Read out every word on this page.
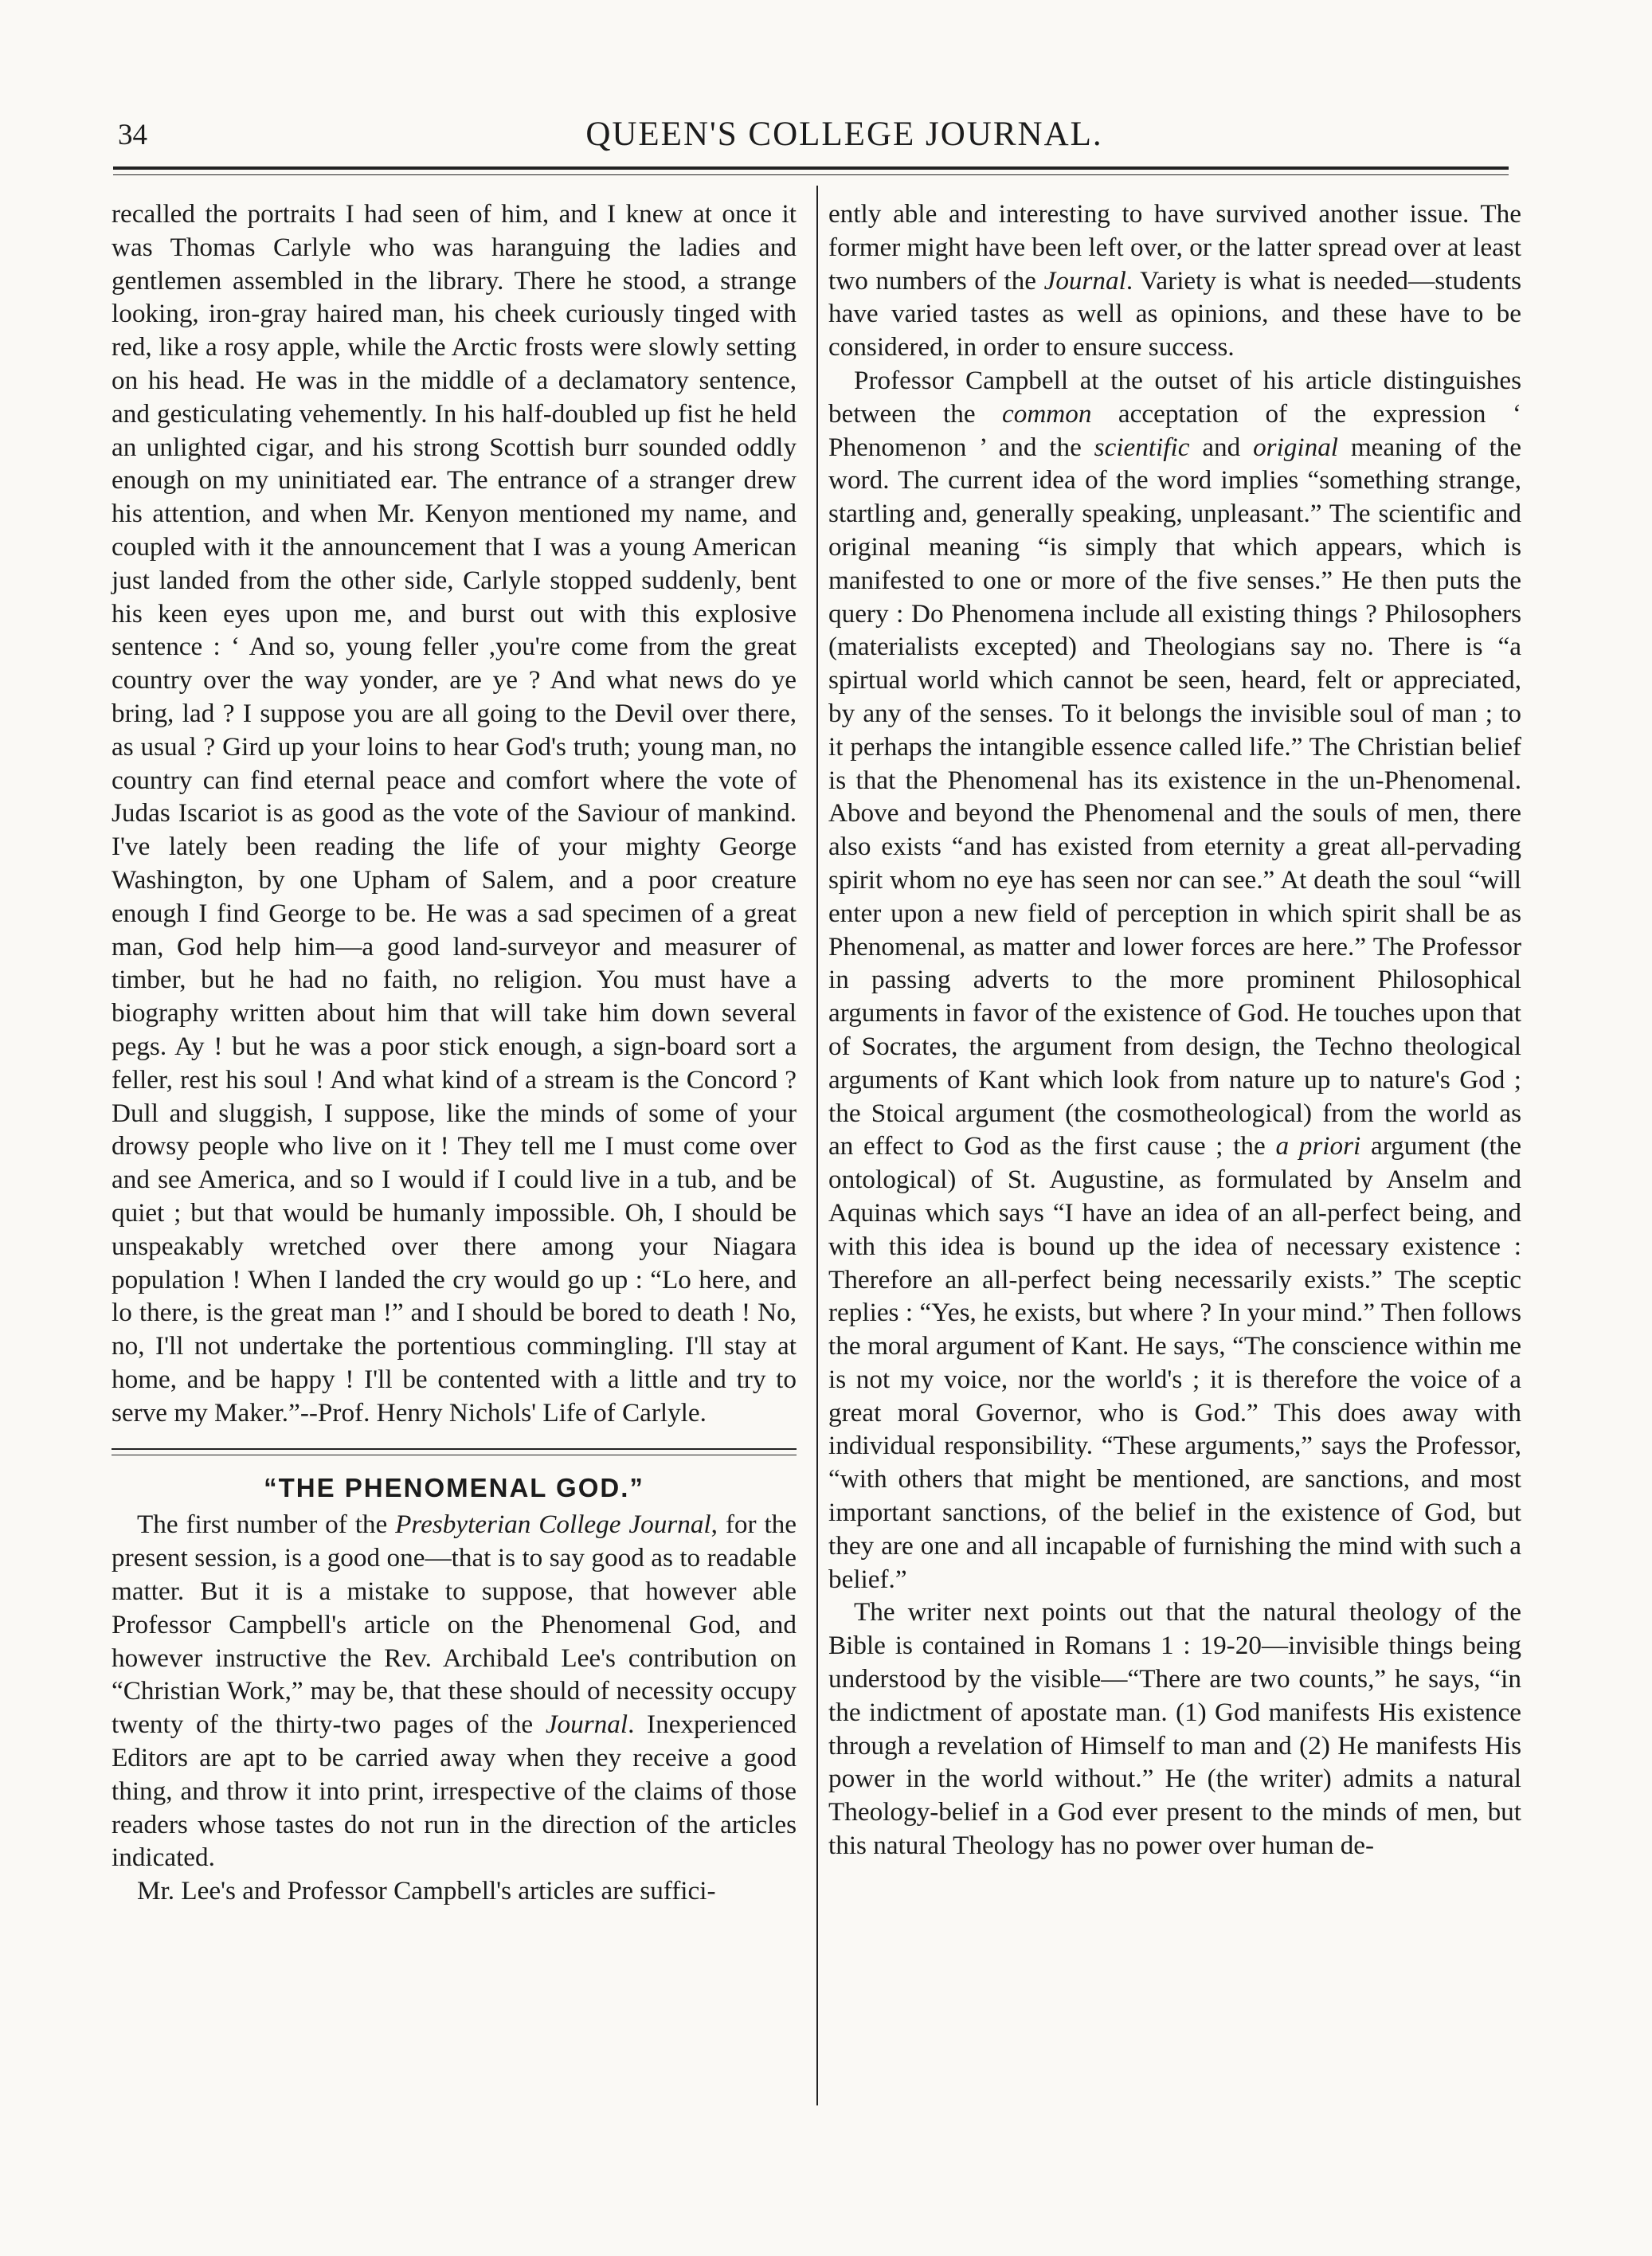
34	QUEEN'S COLLEGE JOURNAL.

recalled the portraits I had seen of him, and I knew at once it was Thomas Carlyle who was haranguing the ladies and gentlemen assembled in the library. There he stood, a strange looking, iron-gray haired man, his cheek curiously tinged with red, like a rosy apple, while the Arctic frosts were slowly setting on his head. He was in the middle of a declamatory sentence, and gesticulating vehemently. In his half-doubled up fist he held an unlighted cigar, and his strong Scottish burr sounded oddly enough on my uninitiated ear. The entrance of a stranger drew his attention, and when Mr. Kenyon mentioned my name, and coupled with it the announcement that I was a young American just landed from the other side, Carlyle stopped suddenly, bent his keen eyes upon me, and burst out with this explosive sentence : ‘ And so, young feller ,you're come from the great country over the way yonder, are ye ? And what news do ye bring, lad ? I suppose you are all going to the Devil over there, as usual ? Gird up your loins to hear God's truth; young man, no country can find eternal peace and comfort where the vote of Judas Iscariot is as good as the vote of the Saviour of mankind. I've lately been reading the life of your mighty George Washington, by one Upham of Salem, and a poor creature enough I find George to be. He was a sad specimen of a great man, God help him—a good land-surveyor and measurer of timber, but he had no faith, no religion. You must have a biography written about him that will take him down several pegs. Ay ! but he was a poor stick enough, a sign-board sort a feller, rest his soul ! And what kind of a stream is the Concord ? Dull and sluggish, I suppose, like the minds of some of your drowsy people who live on it ! They tell me I must come over and see America, and so I would if I could live in a tub, and be quiet ; but that would be humanly impossible. Oh, I should be unspeakably wretched over there among your Niagara population ! When I landed the cry would go up : “Lo here, and lo there, is the great man !” and I should be bored to death ! No, no, I'll not undertake the portentious commingling. I'll stay at home, and be happy ! I'll be contented with a little and try to serve my Maker.”--Prof. Henry Nichols' Life of Carlyle.

“THE PHENOMENAL GOD.”

The first number of the Presbyterian College Journal, for the present session, is a good one—that is to say good as to readable matter. But it is a mistake to suppose, that however able Professor Campbell's article on the Phenomenal God, and however instructive the Rev. Archibald Lee's contribution on “Christian Work,” may be, that these should of necessity occupy twenty of the thirty-two pages of the Journal. Inexperienced Editors are apt to be carried away when they receive a good thing, and throw it into print, irrespective of the claims of those readers whose tastes do not run in the direction of the articles indicated.

Mr. Lee's and Professor Campbell's articles are suffici-

ently able and interesting to have survived another issue. The former might have been left over, or the latter spread over at least two numbers of the Journal. Variety is what is needed—students have varied tastes as well as opinions, and these have to be considered, in order to ensure success.

Professor Campbell at the outset of his article distinguishes between the common acceptation of the expression ‘ Phenomenon ’ and the scientific and original meaning of the word. The current idea of the word implies “something strange, startling and, generally speaking, unpleasant.” The scientific and original meaning “is simply that which appears, which is manifested to one or more of the five senses.” He then puts the query : Do Phenomena include all existing things ? Philosophers (materialists excepted) and Theologians say no. There is “a spirtual world which cannot be seen, heard, felt or appreciated, by any of the senses. To it belongs the invisible soul of man ; to it perhaps the intangible essence called life.” The Christian belief is that the Phenomenal has its existence in the un-Phenomenal. Above and beyond the Phenomenal and the souls of men, there also exists “and has existed from eternity a great all-pervading spirit whom no eye has seen nor can see.” At death the soul “will enter upon a new field of perception in which spirit shall be as Phenomenal, as matter and lower forces are here.” The Professor in passing adverts to the more prominent Philosophical arguments in favor of the existence of God. He touches upon that of Socrates, the argument from design, the Techno theological arguments of Kant which look from nature up to nature's God ; the Stoical argument (the cosmotheological) from the world as an effect to God as the first cause ; the a priori argument (the ontological) of St. Augustine, as formulated by Anselm and Aquinas which says “I have an idea of an all-perfect being, and with this idea is bound up the idea of necessary existence : Therefore an all-perfect being necessarily exists.” The sceptic replies : “Yes, he exists, but where ? In your mind.” Then follows the moral argument of Kant. He says, “The conscience within me is not my voice, nor the world's ; it is therefore the voice of a great moral Governor, who is God.” This does away with individual responsibility. “These arguments,” says the Professor, “with others that might be mentioned, are sanctions, and most important sanctions, of the belief in the existence of God, but they are one and all incapable of furnishing the mind with such a belief.”

The writer next points out that the natural theology of the Bible is contained in Romans 1 : 19-20—invisible things being understood by the visible—“There are two counts,” he says, “in the indictment of apostate man. (1) God manifests His existence through a revelation of Himself to man and (2) He manifests His power in the world without.” He (the writer) admits a natural Theology-belief in a God ever present to the minds of men, but this natural Theology has no power over human de-
